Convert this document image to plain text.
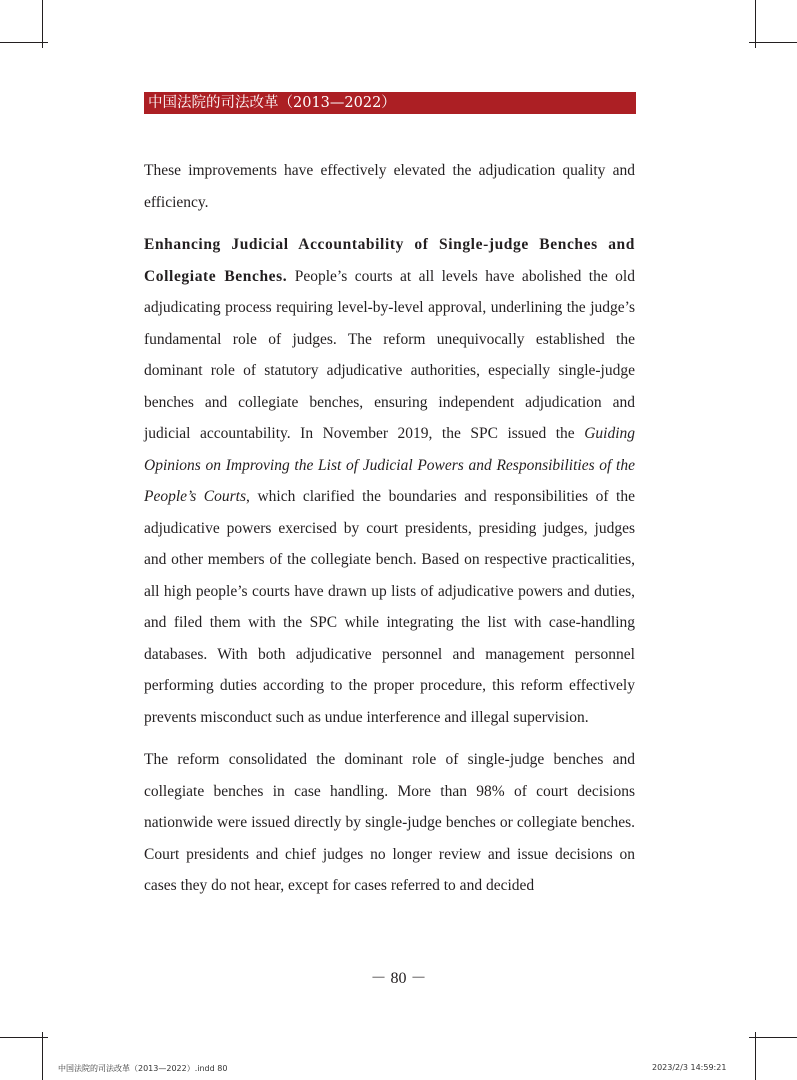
中国法院的司法改革（2013—2022）

These improvements have effectively elevated the adjudication quality and efficiency.

Enhancing Judicial Accountability of Single-judge Benches and Collegiate Benches. People’s courts at all levels have abolished the old adjudicating process requiring level-by-level approval, underlining the judge’s fundamental role of judges. The reform unequivocally established the dominant role of statutory adjudicative authorities, especially single-judge benches and collegiate benches, ensuring independent adjudication and judicial accountability. In November 2019, the SPC issued the Guiding Opinions on Improving the List of Judicial Powers and Responsibilities of the People’s Courts, which clarified the boundaries and responsibilities of the adjudicative powers exercised by court presidents, presiding judges, judges and other members of the collegiate bench. Based on respective practicalities, all high people’s courts have drawn up lists of adjudicative powers and duties, and filed them with the SPC while integrating the list with case-handling databases. With both adjudicative personnel and management personnel performing duties according to the proper procedure, this reform effectively prevents misconduct such as undue interference and illegal supervision.

The reform consolidated the dominant role of single-judge benches and collegiate benches in case handling. More than 98% of court decisions nationwide were issued directly by single-judge benches or collegiate benches. Court presidents and chief judges no longer review and issue decisions on cases they do not hear, except for cases referred to and decided

－ 80 －
中国法院的司法改革（2013—2022）.indd 80	2023/2/3 14:59:21
